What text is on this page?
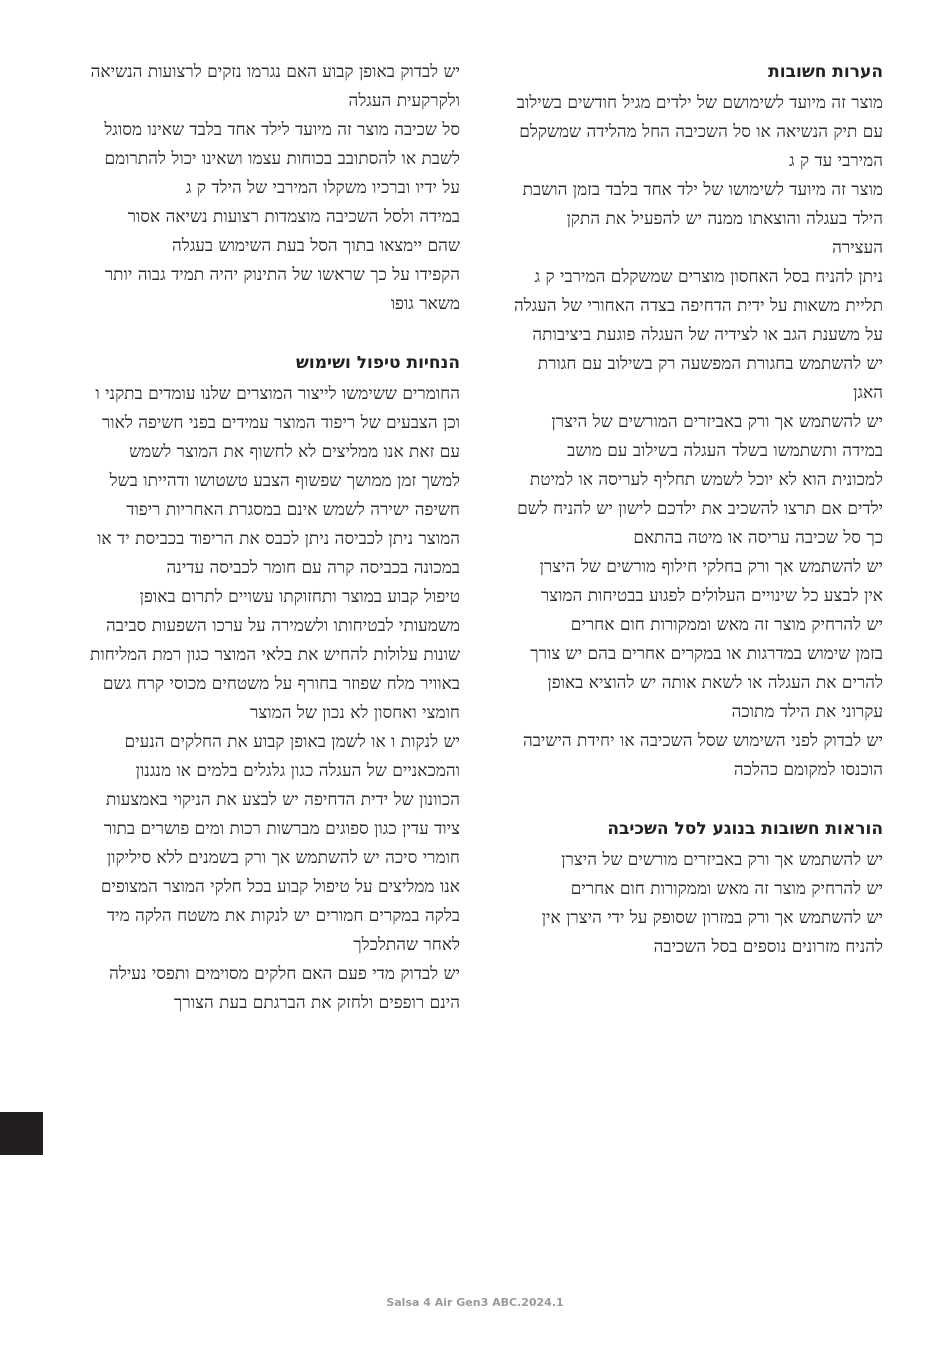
הערות חשובות

מוצר זה מיועד לשימושם של ילדים מגיל חודשים בשילוב עם תיק הנשיאה או סל השכיבה החל מהלידה שמשקלם המירבי עד ק ג

מוצר זה מיועד לשימושו של ילד אחד בלבד בזמן הושבת הילד בעגלה והוצאתו ממנה יש להפעיל את התקן העצירה

ניתן להניח בסל האחסון מוצרים שמשקלם המירבי ק ג

תליית משאות על ידית הדחיפה בצדה האחורי של העגלה על משענת הגב או לצידיה של העגלה פוגעת ביציבותה

יש להשתמש בחגורת המפשעה רק בשילוב עם חגורת האגן

יש להשתמש אך ורק באביזרים המורשים של היצרן

במידה ותשתמשו בשלד העגלה בשילוב עם מושב למכונית הוא לא יוכל לשמש תחליף לעריסה או למיטת ילדים אם תרצו להשכיב את ילדכם לישון יש להניח לשם כך סל שכיבה עריסה או מיטה בהתאם

יש להשתמש אך ורק בחלקי חילוף מורשים של היצרן

אין לבצע כל שינויים העלולים לפגוע בבטיחות המוצר

יש להרחיק מוצר זה מאש וממקורות חום אחרים

בזמן שימוש במדרגות או במקרים אחרים בהם יש צורך להרים את העגלה או לשאת אותה יש להוציא באופן עקרוני את הילד מתוכה

יש לבדוק לפני השימוש שסל השכיבה או יחידת הישיבה הוכנסו למקומם כהלכה

הוראות חשובות בנוגע לסל השכיבה

יש להשתמש אך ורק באביזרים מורשים של היצרן

יש להרחיק מוצר זה מאש וממקורות חום אחרים

יש להשתמש אך ורק במזרון שסופק על ידי היצרן אין להניח מזרונים נוספים בסל השכיבה

יש לבדוק באופן קבוע האם נגרמו נזקים לרצועות הנשיאה ולקרקעית העגלה

סל שכיבה מוצר זה מיועד לילד אחד בלבד שאינו מסוגל לשבת או להסתובב בכוחות עצמו ושאינו יכול להתרומם על ידיו וברכיו משקלו המירבי של הילד ק ג

במידה ולסל השכיבה מוצמדות רצועות נשיאה אסור שהם יימצאו בתוך הסל בעת השימוש בעגלה

הקפידו על כך שראשו של התינוק יהיה תמיד גבוה יותר משאר גופו

הנחיות טיפול ושימוש

החומרים ששימשו לייצור המוצרים שלנו עומדים בתקני ו

וכן הצבעים של ריפוד המוצר עמידים בפני חשיפה לאור עם זאת אנו ממליצים לא לחשוף את המוצר לשמש למשך זמן ממושך שפשוף הצבע טשטושו ודהייתו בשל חשיפה ישירה לשמש אינם במסגרת האחריות ריפוד המוצר ניתן לכביסה ניתן לכבס את הריפוד בכביסת יד או במכונה בכביסה קרה עם חומר לכביסה עדינה

טיפול קבוע במוצר ותחזוקתו עשויים לתרום באופן משמעותי לבטיחותו ולשמירה על ערכו השפעות סביבה שונות עלולות להחיש את בלאי המוצר כגון רמת המליחות באוויר מלח שפוזר בחורף על משטחים מכוסי קרח גשם חומצי ואחסון לא נכון של המוצר

יש לנקות ו או לשמן באופן קבוע את החלקים הנעים והמכאניים של העגלה כגון גלגלים בלמים או מנגנון הכוונון של ידית הדחיפה יש לבצע את הניקוי באמצעות ציוד עדין כגון ספוגים מברשות רכות ומים פושרים בתור חומרי סיכה יש להשתמש אך ורק בשמנים ללא סיליקון

אנו ממליצים על טיפול קבוע בכל חלקי המוצר המצופים בלקה במקרים חמורים יש לנקות את משטח הלקה מיד לאחר שהתלכלך

יש לבדוק מדי פעם האם חלקים מסוימים ותפסי נעילה הינם רופפים ולחזק את הברגתם בעת הצורך

Salsa 4 Air Gen3 ABC.2024.1
